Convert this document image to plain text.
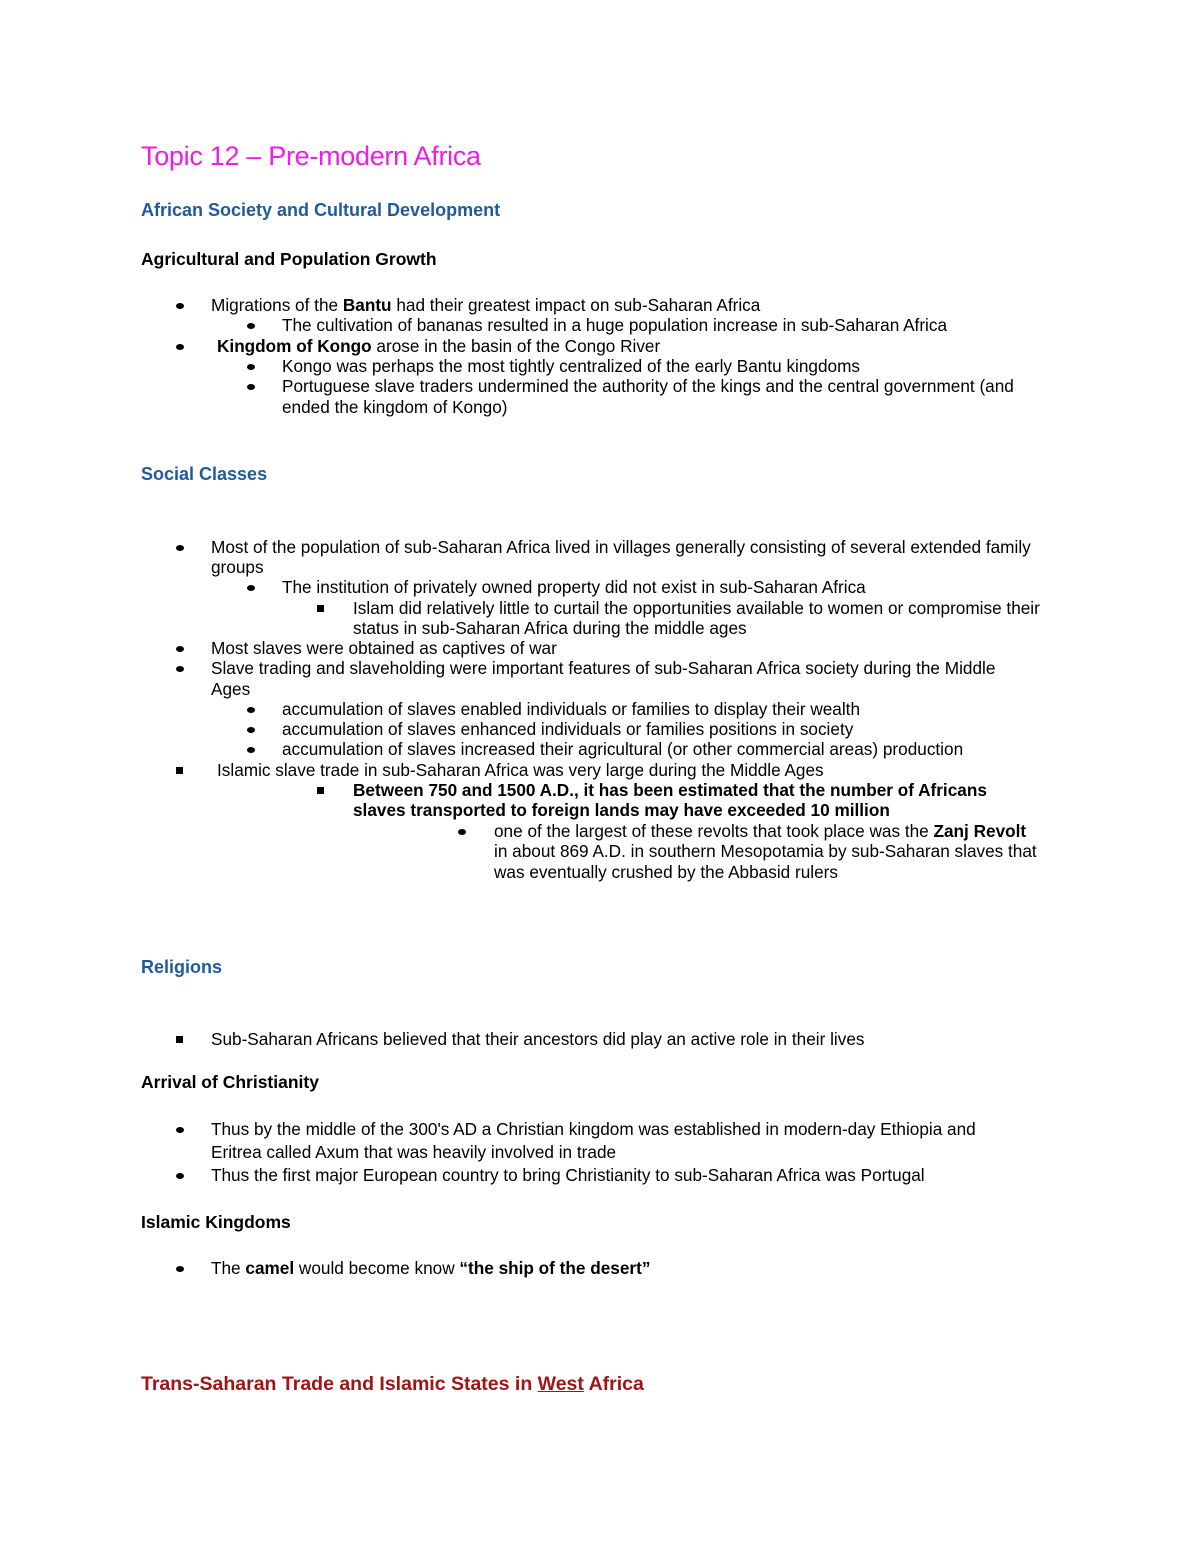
Topic 12 – Pre-modern Africa
African Society and Cultural Development
Agricultural and Population Growth
Migrations of the Bantu had their greatest impact on sub-Saharan Africa
The cultivation of bananas resulted in a huge population increase in sub-Saharan Africa
Kingdom of Kongo arose in the basin of the Congo River
Kongo was perhaps the most tightly centralized of the early Bantu kingdoms
Portuguese slave traders undermined the authority of the kings and the central government (and
ended the kingdom of Kongo)
Social Classes
Most of the population of sub-Saharan Africa lived in villages generally consisting of several extended family
groups
The institution of privately owned property did not exist in sub-Saharan Africa
Islam did relatively little to curtail the opportunities available to women or compromise their
status in sub-Saharan Africa during the middle ages
Most slaves were obtained as captives of war
Slave trading and slaveholding were important features of sub-Saharan Africa society during the Middle
Ages
accumulation of slaves enabled individuals or families to display their wealth
accumulation of slaves enhanced individuals or families positions in society
accumulation of slaves increased their agricultural (or other commercial areas) production
Islamic slave trade in sub-Saharan Africa was very large during the Middle Ages
Between 750 and 1500 A.D., it has been estimated that the number of Africans
slaves transported to foreign lands may have exceeded 10 million
one of the largest of these revolts that took place was the Zanj Revolt
in about 869 A.D. in southern Mesopotamia by sub-Saharan slaves that
was eventually crushed by the Abbasid rulers
Religions
Sub-Saharan Africans believed that their ancestors did play an active role in their lives
Arrival of Christianity
Thus by the middle of the 300's AD a Christian kingdom was established in modern-day Ethiopia and
Eritrea called Axum that was heavily involved in trade
Thus the first major European country to bring Christianity to sub-Saharan Africa was Portugal
Islamic Kingdoms
The camel would become know “the ship of the desert”
Trans-Saharan Trade and Islamic States in West Africa
